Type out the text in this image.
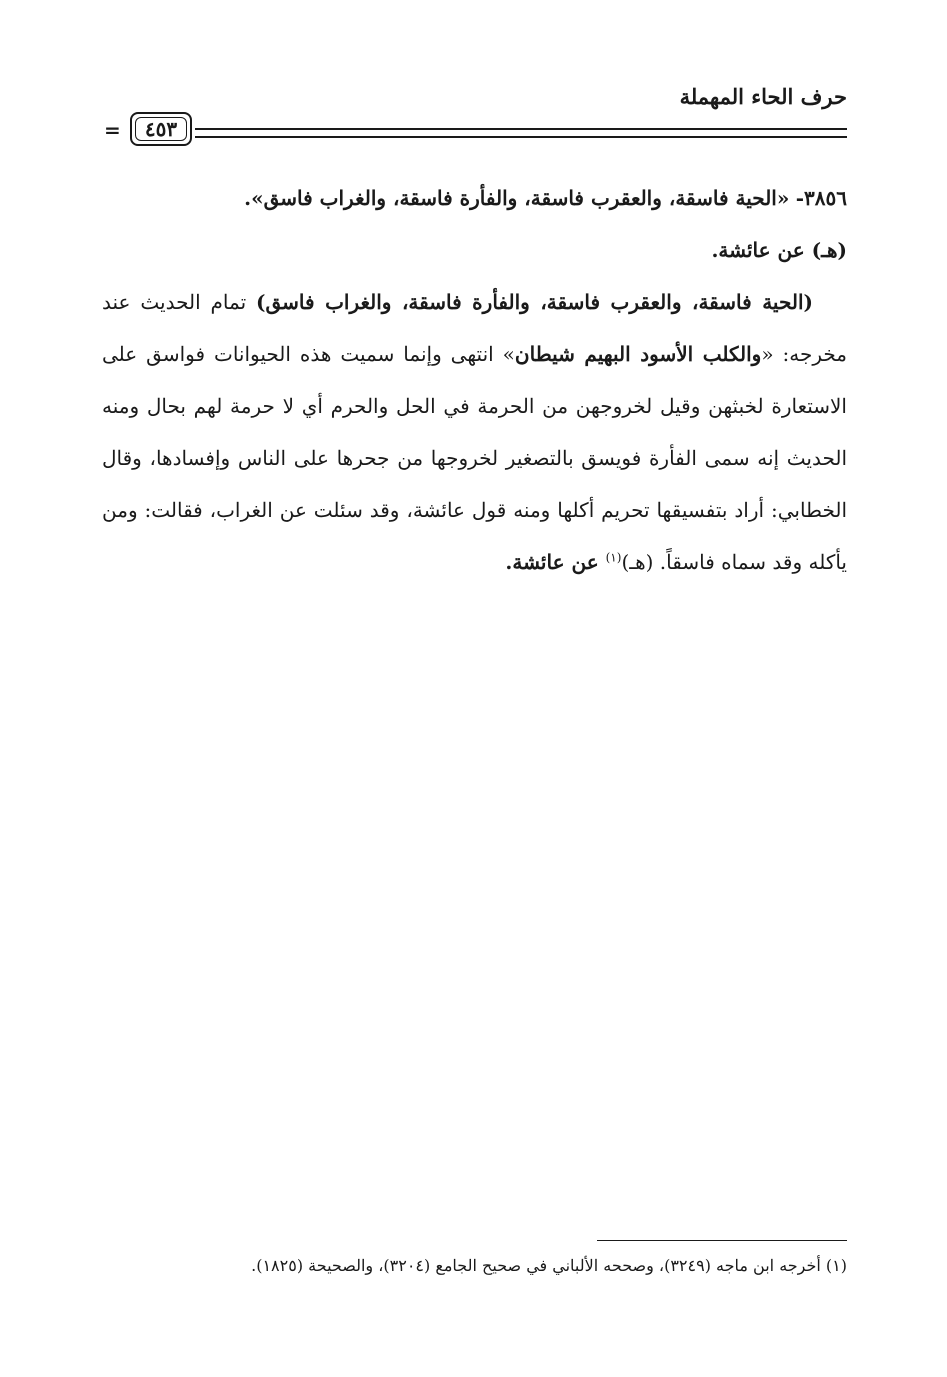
حرف الحاء المهملة
=	٤٥٣

٣٨٥٦- «الحية فاسقة، والعقرب فاسقة، والفأرة فاسقة، والغراب فاسق».

(هـ) عن عائشة.

(الحية فاسقة، والعقرب فاسقة، والفأرة فاسقة، والغراب فاسق) تمام الحديث عند مخرجه: «والكلب الأسود البهيم شيطان» انتهى وإنما سميت هذه الحيوانات فواسق على الاستعارة لخبثهن وقيل لخروجهن من الحرمة في الحل والحرم أي لا حرمة لهم بحال ومنه الحديث إنه سمى الفأرة فويسق بالتصغير لخروجها من جحرها على الناس وإفسادها، وقال الخطابي: أراد بتفسيقها تحريم أكلها ومنه قول عائشة، وقد سئلت عن الغراب، فقالت: ومن يأكله وقد سماه فاسقاً. (هـ)$^{(١)}$ عن عائشة.

(١) أخرجه ابن ماجه (٣٢٤٩)، وصححه الألباني في صحيح الجامع (٣٢٠٤)، والصحيحة (١٨٢٥).
